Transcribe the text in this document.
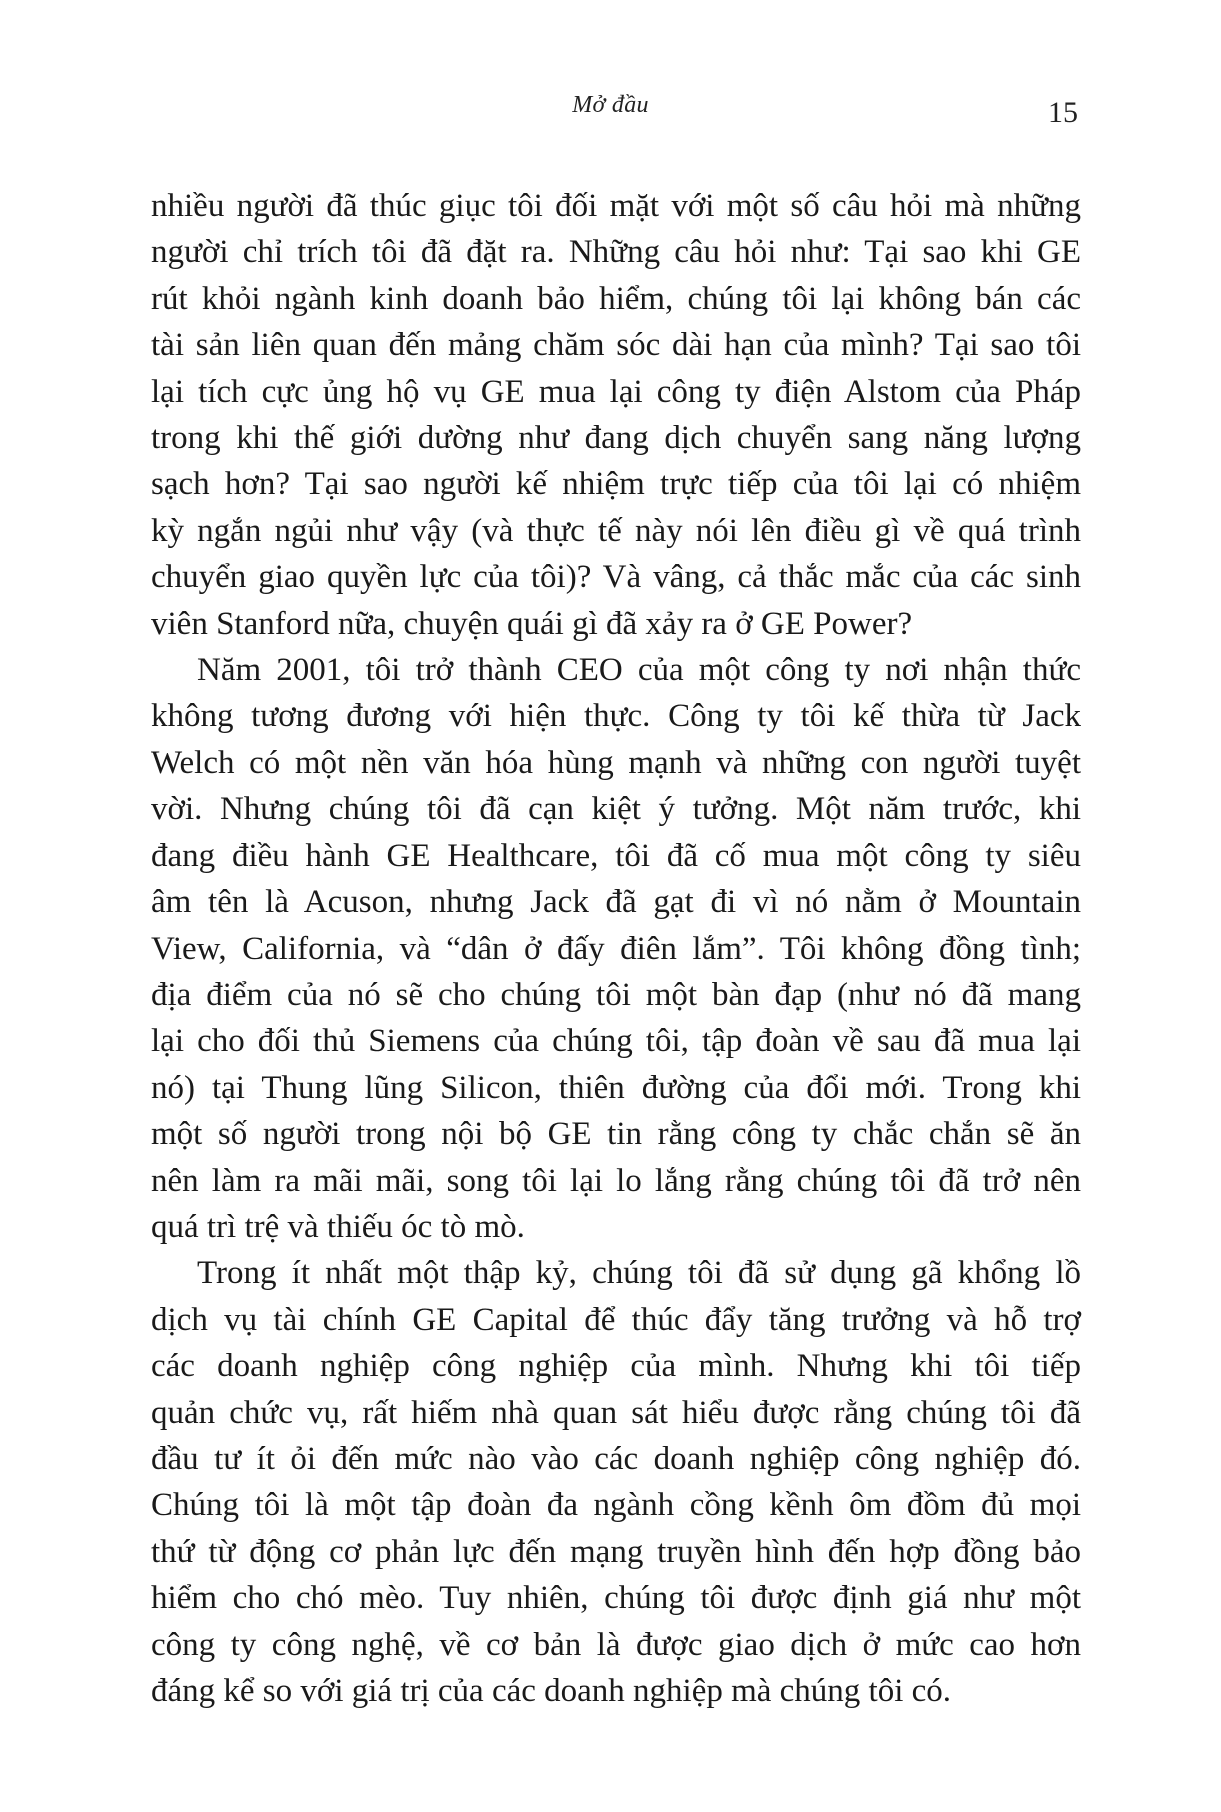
Mở đầu	15

nhiều người đã thúc giục tôi đối mặt với một số câu hỏi mà những
người chỉ trích tôi đã đặt ra. Những câu hỏi như: Tại sao khi GE
rút khỏi ngành kinh doanh bảo hiểm, chúng tôi lại không bán các
tài sản liên quan đến mảng chăm sóc dài hạn của mình? Tại sao tôi
lại tích cực ủng hộ vụ GE mua lại công ty điện Alstom của Pháp
trong khi thế giới dường như đang dịch chuyển sang năng lượng
sạch hơn? Tại sao người kế nhiệm trực tiếp của tôi lại có nhiệm
kỳ ngắn ngủi như vậy (và thực tế này nói lên điều gì về quá trình
chuyển giao quyền lực của tôi)? Và vâng, cả thắc mắc của các sinh
viên Stanford nữa, chuyện quái gì đã xảy ra ở GE Power?

Năm 2001, tôi trở thành CEO của một công ty nơi nhận thức
không tương đương với hiện thực. Công ty tôi kế thừa từ Jack
Welch có một nền văn hóa hùng mạnh và những con người tuyệt
vời. Nhưng chúng tôi đã cạn kiệt ý tưởng. Một năm trước, khi
đang điều hành GE Healthcare, tôi đã cố mua một công ty siêu
âm tên là Acuson, nhưng Jack đã gạt đi vì nó nằm ở Mountain
View, California, và “dân ở đấy điên lắm”. Tôi không đồng tình;
địa điểm của nó sẽ cho chúng tôi một bàn đạp (như nó đã mang
lại cho đối thủ Siemens của chúng tôi, tập đoàn về sau đã mua lại
nó) tại Thung lũng Silicon, thiên đường của đổi mới. Trong khi
một số người trong nội bộ GE tin rằng công ty chắc chắn sẽ ăn
nên làm ra mãi mãi, song tôi lại lo lắng rằng chúng tôi đã trở nên
quá trì trệ và thiếu óc tò mò.

Trong ít nhất một thập kỷ, chúng tôi đã sử dụng gã khổng lồ
dịch vụ tài chính GE Capital để thúc đẩy tăng trưởng và hỗ trợ
các doanh nghiệp công nghiệp của mình. Nhưng khi tôi tiếp
quản chức vụ, rất hiếm nhà quan sát hiểu được rằng chúng tôi đã
đầu tư ít ỏi đến mức nào vào các doanh nghiệp công nghiệp đó.
Chúng tôi là một tập đoàn đa ngành cồng kềnh ôm đồm đủ mọi
thứ từ động cơ phản lực đến mạng truyền hình đến hợp đồng bảo
hiểm cho chó mèo. Tuy nhiên, chúng tôi được định giá như một
công ty công nghệ, về cơ bản là được giao dịch ở mức cao hơn
đáng kể so với giá trị của các doanh nghiệp mà chúng tôi có.
